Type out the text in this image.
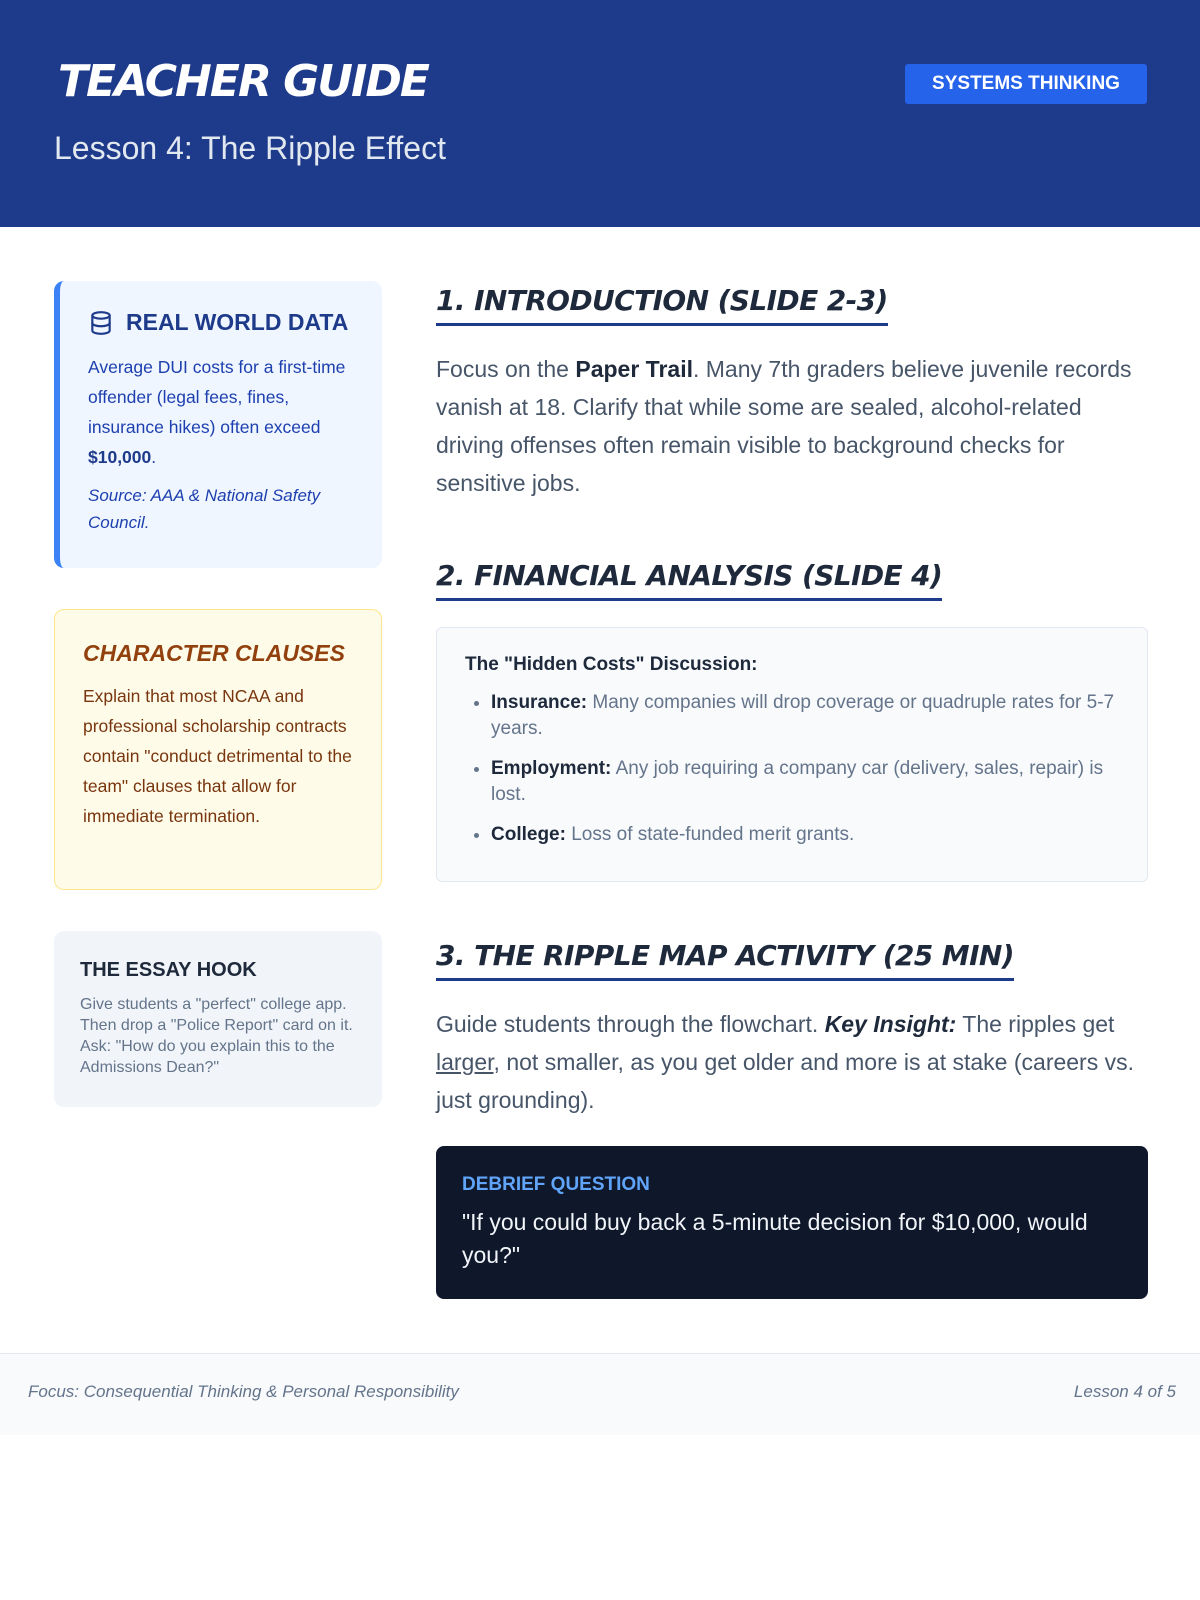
TEACHER GUIDE
Lesson 4: The Ripple Effect
SYSTEMS THINKING
REAL WORLD DATA
Average DUI costs for a first-time offender (legal fees, fines, insurance hikes) often exceed $10,000.
Source: AAA & National Safety Council.
CHARACTER CLAUSES
Explain that most NCAA and professional scholarship contracts contain "conduct detrimental to the team" clauses that allow for immediate termination.
THE ESSAY HOOK
Give students a "perfect" college app. Then drop a "Police Report" card on it. Ask: "How do you explain this to the Admissions Dean?"
1. INTRODUCTION (SLIDE 2-3)
Focus on the Paper Trail. Many 7th graders believe juvenile records vanish at 18. Clarify that while some are sealed, alcohol-related driving offenses often remain visible to background checks for sensitive jobs.
2. FINANCIAL ANALYSIS (SLIDE 4)
The "Hidden Costs" Discussion:
• Insurance: Many companies will drop coverage or quadruple rates for 5-7 years.
• Employment: Any job requiring a company car (delivery, sales, repair) is lost.
• College: Loss of state-funded merit grants.
3. THE RIPPLE MAP ACTIVITY (25 MIN)
Guide students through the flowchart. Key Insight: The ripples get larger, not smaller, as you get older and more is at stake (careers vs. just grounding).
DEBRIEF QUESTION
"If you could buy back a 5-minute decision for $10,000, would you?"
Focus: Consequential Thinking & Personal Responsibility	Lesson 4 of 5
